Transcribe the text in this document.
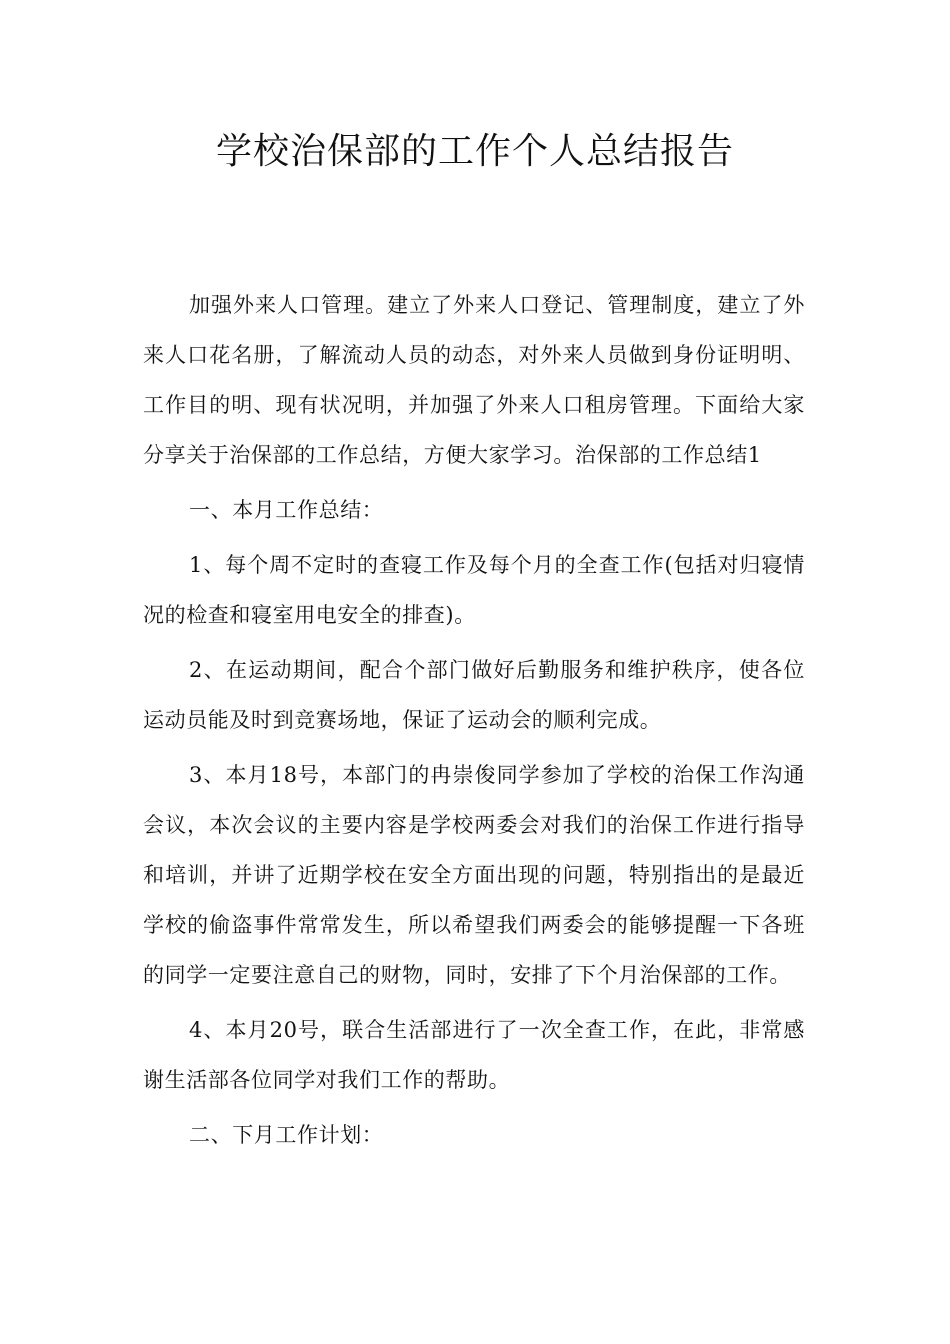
学校治保部的工作个人总结报告

加强外来人口管理。建立了外来人口登记、管理制度，建立了外来人口花名册，了解流动人员的动态，对外来人员做到身份证明明、工作目的明、现有状况明，并加强了外来人口租房管理。下面给大家分享关于治保部的工作总结，方便大家学习。治保部的工作总结1

一、本月工作总结：

1、每个周不定时的查寝工作及每个月的全查工作(包括对归寝情况的检查和寝室用电安全的排查)。

2、在运动期间，配合个部门做好后勤服务和维护秩序，使各位运动员能及时到竞赛场地，保证了运动会的顺利完成。

3、本月18号，本部门的冉崇俊同学参加了学校的治保工作沟通会议，本次会议的主要内容是学校两委会对我们的治保工作进行指导和培训，并讲了近期学校在安全方面出现的问题，特别指出的是最近学校的偷盗事件常常发生，所以希望我们两委会的能够提醒一下各班的同学一定要注意自己的财物，同时，安排了下个月治保部的工作。

4、本月20号，联合生活部进行了一次全查工作，在此，非常感谢生活部各位同学对我们工作的帮助。

二、下月工作计划：
